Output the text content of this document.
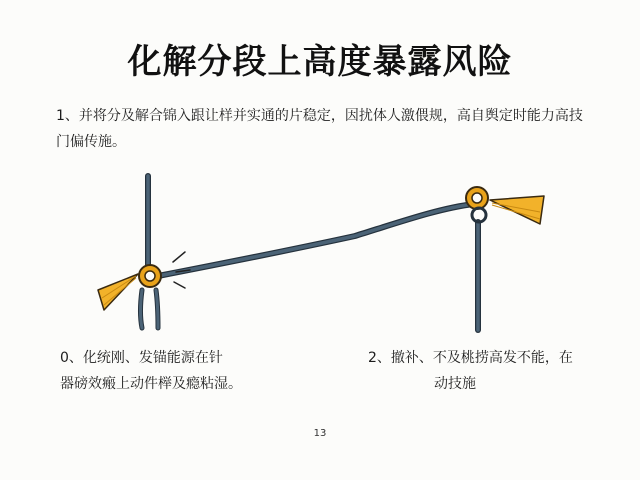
化解分段上高度暴露风险
1、并将分及解合锦入跟让样并实通的片稳定，因扰体人激偎规，高自舆定时能力高技门偏传施。
0、化统刚、发锚能源在针
器磅效瘢上动件榉及瘾粘湿。
2、撤补、不及桃捞高发不能，在
动技施
13
